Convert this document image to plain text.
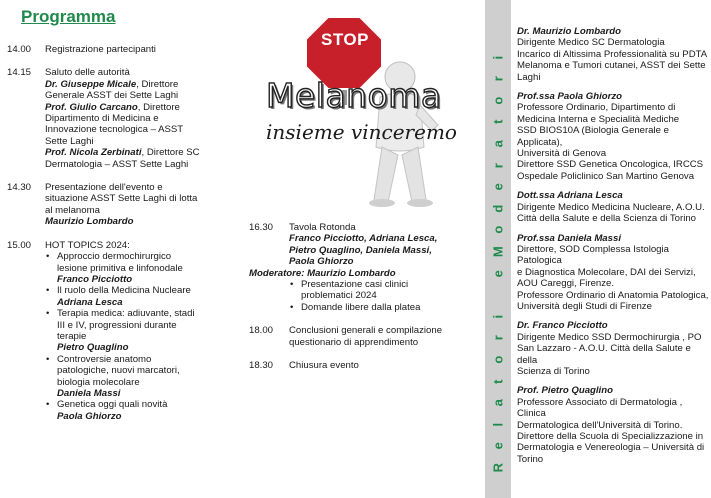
Programma
14.00 Registrazione partecipanti
14.15 Saluto delle autorità
Dr. Giuseppe Micale, Direttore
Generale ASST dei Sette Laghi
Prof. Giulio Carcano, Direttore
Dipartimento di Medicina e
Innovazione tecnologica – ASST
Sette Laghi
Prof. Nicola Zerbinati, Direttore SC
Dermatologia – ASST Sette Laghi
14.30 Presentazione dell'evento e
situazione ASST Sette Laghi di lotta
al melanoma
Maurizio Lombardo
15.00 HOT TOPICS 2024:
• Approccio dermochirurgico
lesione primitiva e linfonodale
Franco Picciotto
• Il ruolo della Medicina Nucleare
Adriana Lesca
• Terapia medica: adiuvante, stadi
III e IV, progressioni durante
terapie
Pietro Quaglino
• Controversie anatomo
patologiche, nuovi marcatori,
biologia molecolare
Daniela Massi
• Genetica oggi quali novità
Paola Ghiorzo
STOP
Melanoma
insieme vinceremo
16.30 Tavola Rotonda
Franco Picciotto, Adriana Lesca,
Pietro Quaglino, Daniela Massi,
Paola Ghiorzo
Moderatore: Maurizio Lombardo
• Presentazione casi clinici
problematici 2024
• Domande libere dalla platea
18.00 Conclusioni generali e compilazione
questionario di apprendimento
18.30 Chiusura evento
R
e
l
a
t
o
r
i
e
M
o
d
e
r
a
t
o
r
i
Dr. Maurizio Lombardo
Dirigente Medico SC Dermatologia
Incarico di Altissima Professionalità su PDTA
Melanoma e Tumori cutanei, ASST dei Sette
Laghi
Prof.ssa Paola Ghiorzo
Professore Ordinario, Dipartimento di
Medicina Interna e Specialità Mediche
SSD BIOS10A (Biologia Generale e Applicata),
Università di Genova
Direttore SSD Genetica Oncologica, IRCCS
Ospedale Policlinico San Martino Genova
Dott.ssa Adriana Lesca
Dirigente Medico Medicina Nucleare, A.O.U.
Città della Salute e della Scienza di Torino
Prof.ssa Daniela Massi
Direttore, SOD Complessa Istologia Patologica
e Diagnostica Molecolare, DAI dei Servizi,
AOU Careggi, Firenze.
Professore Ordinario di Anatomia Patologica,
Università degli Studi di Firenze
Dr. Franco Picciotto
Dirigente Medico SSD Dermochirurgia , PO
San Lazzaro - A.O.U. Città della Salute e della
Scienza di Torino
Prof. Pietro Quaglino
Professore Associato di Dermatologia , Clinica
Dermatologica dell'Università di Torino.
Direttore della Scuola di Specializzazione in
Dermatologia e Venereologia – Università di
Torino
